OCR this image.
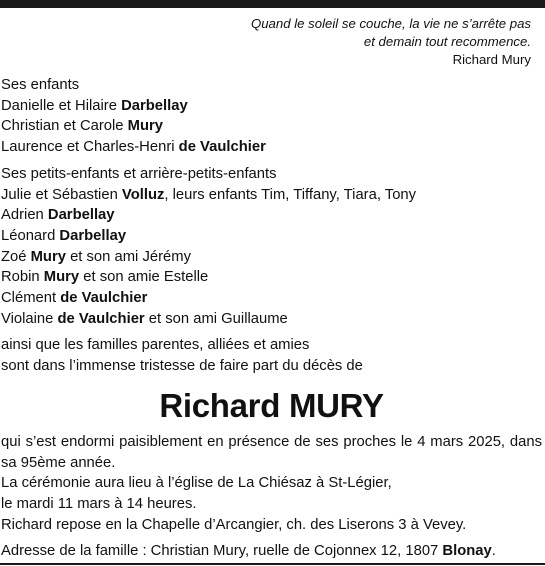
Quand le soleil se couche, la vie ne s’arrête pas
et demain tout recommence.
Richard Mury
Ses enfants
Danielle et Hilaire Darbellay
Christian et Carole Mury
Laurence et Charles-Henri de Vaulchier
Ses petits-enfants et arrière-petits-enfants
Julie et Sébastien Volluz, leurs enfants Tim, Tiffany, Tiara, Tony
Adrien Darbellay
Léonard Darbellay
Zoé Mury et son ami Jérémy
Robin Mury et son amie Estelle
Clément de Vaulchier
Violaine de Vaulchier et son ami Guillaume
ainsi que les familles parentes, alliées et amies
sont dans l’immense tristesse de faire part du décès de
Richard MURY
qui s’est endormi paisiblement en présence de ses proches le 4 mars 2025, dans sa 95ème année.
La cérémonie aura lieu à l’église de La Chiésaz à St-Légier,
le mardi 11 mars à 14 heures.
Richard repose en la Chapelle d’Arcangier, ch. des Liserons 3 à Vevey.
Adresse de la famille : Christian Mury, ruelle de Cojonnex 12, 1807 Blonay.
